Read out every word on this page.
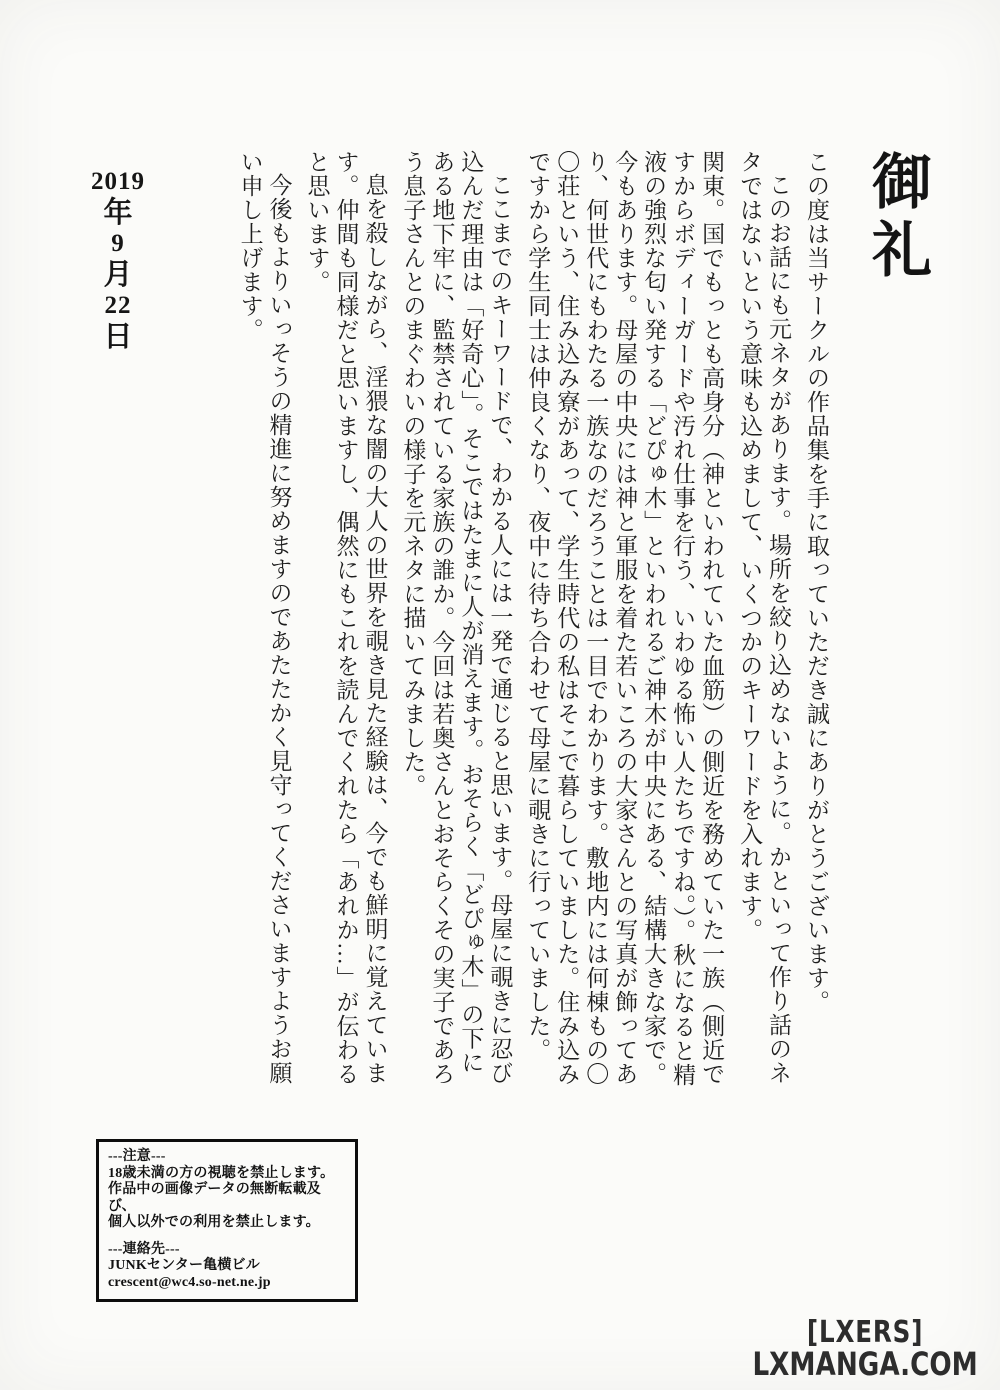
御礼

この度は当サークルの作品集を手に取っていただき誠にありがとうございます。

このお話にも元ネタがあります。場所を絞り込めないように。かといって作り話のネタではないという意味も込めまして、いくつかのキーワードを入れます。

関東。国でもっとも高身分（神といわれていた血筋）の側近を務めていた一族（側近ですからボディーガードや汚れ仕事を行う、いわゆる怖い人たちですね。）。秋になると精液の強烈な匂い発する「どぴゅ木」といわれるご神木が中央にある、結構大きな家で。今もあります。母屋の中央には神と軍服を着た若いころの大家さんとの写真が飾ってあり、何世代にもわたる一族なのだろうことは一目でわかります。敷地内には何棟もの〇〇荘という、住み込み寮があって、学生時代の私はそこで暮らしていました。住み込みですから学生同士は仲良くなり、夜中に待ち合わせて母屋に覗きに行っていました。

ここまでのキーワードで、わかる人には一発で通じると思います。母屋に覗きに忍び込んだ理由は「好奇心」。そこではたまに人が消えます。おそらく「どぴゅ木」の下にある地下牢に、監禁されている家族の誰か。今回は若奥さんとおそらくその実子であろう息子さんとのまぐわいの様子を元ネタに描いてみました。

息を殺しながら、淫猥な闇の大人の世界を覗き見た経験は、今でも鮮明に覚えています。仲間も同様だと思いますし、偶然にもこれを読んでくれたら「あれか…」が伝わると思います。

今後もよりいっそうの精進に努めますのであたたかく見守ってくださいますようお願い申し上げます。

2019
年
9
月
22
日
---注意---
18歳未満の方の視聴を禁止します。
作品中の画像データの無断転載及び、
個人以外での利用を禁止します。
---連絡先---
JUNKセンター亀横ビル
crescent@wc4.so-net.ne.jp
[LXERS]
LXMANGA.COM
